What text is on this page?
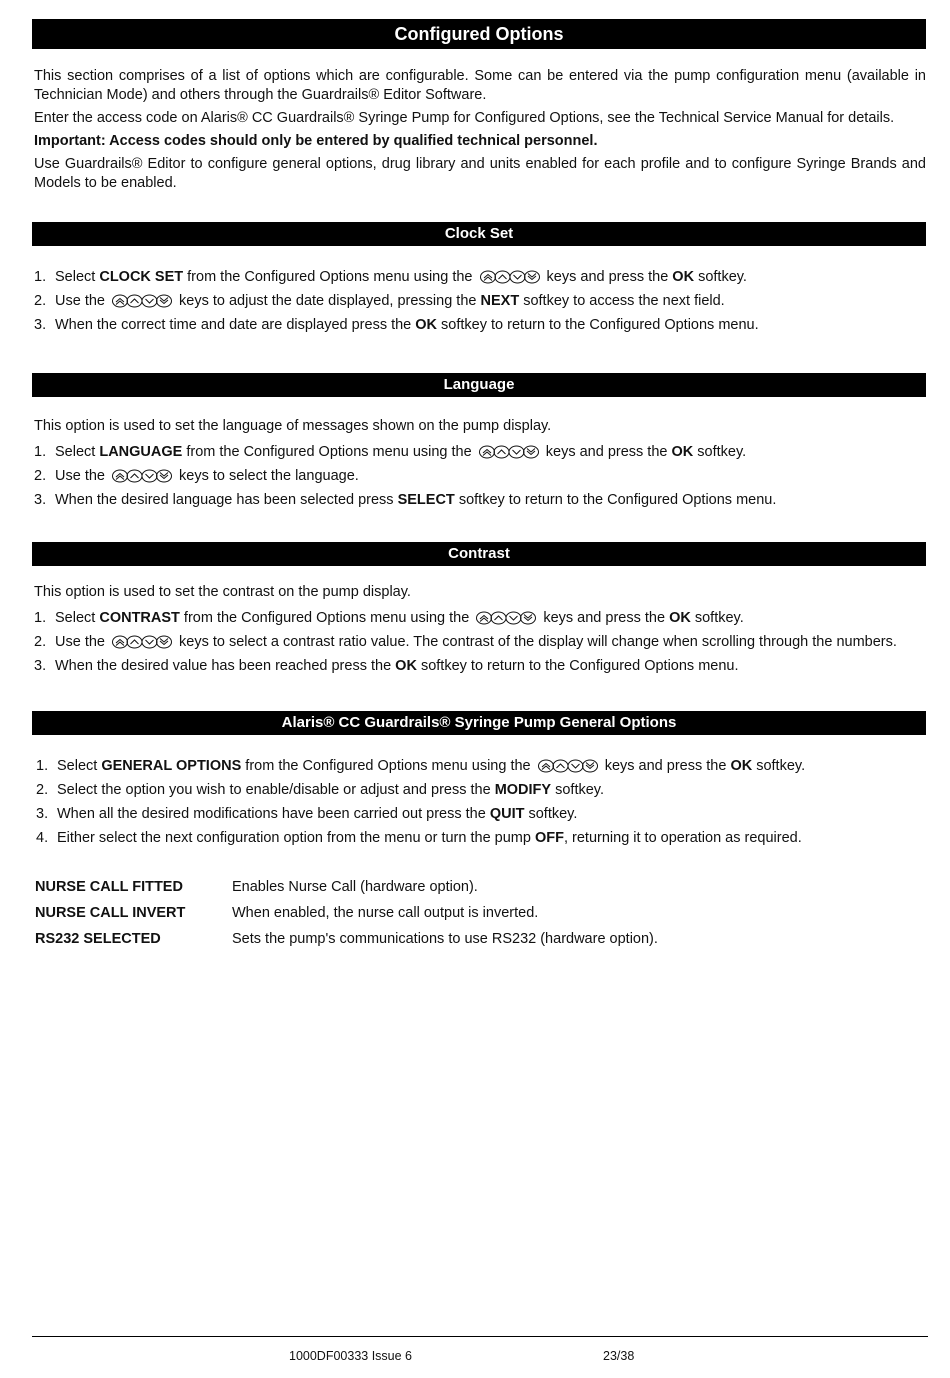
Configured Options

This section comprises of a list of options which are configurable. Some can be entered via the pump configuration menu (available in Technician Mode) and others through the Guardrails® Editor Software.

Enter the access code on Alaris® CC Guardrails® Syringe Pump for Configured Options, see the Technical Service Manual for details.

Important: Access codes should only be entered by qualified technical personnel.

Use Guardrails® Editor to configure general options, drug library and units enabled for each profile and to configure Syringe Brands and Models to be enabled.

Clock Set
1. Select CLOCK SET from the Configured Options menu using the	keys and press the OK softkey.
2. Use the	keys to adjust the date displayed, pressing the NEXT softkey to access the next field.
3. When the correct time and date are displayed press the OK softkey to return to the Configured Options menu.
Language

This option is used to set the language of messages shown on the pump display.

1. Select LANGUAGE from the Configured Options menu using the	keys and press the OK softkey.
2. Use the	keys to select the language.
3. When the desired language has been selected press SELECT softkey to return to the Configured Options menu.
Contrast

This option is used to set the contrast on the pump display.

1. Select CONTRAST from the Configured Options menu using the	keys and press the OK softkey.
2. Use the	keys to select a contrast ratio value. The contrast of the display will change when scrolling through the numbers.
3. When the desired value has been reached press the OK softkey to return to the Configured Options menu.
Alaris® CC Guardrails® Syringe Pump General Options
1. Select GENERAL OPTIONS from the Configured Options menu using the	keys and press the OK softkey.
2. Select the option you wish to enable/disable or adjust and press the MODIFY softkey.
3. When all the desired modifications have been carried out press the QUIT softkey.
4. Either select the next configuration option from the menu or turn the pump OFF, returning it to operation as required.
NURSE CALL FITTED	Enables Nurse Call (hardware option).
NURSE CALL INVERT	When enabled, the nurse call output is inverted.
RS232 SELECTED	Sets the pump's communications to use RS232 (hardware option).
1000DF00333 Issue 6	23/38
